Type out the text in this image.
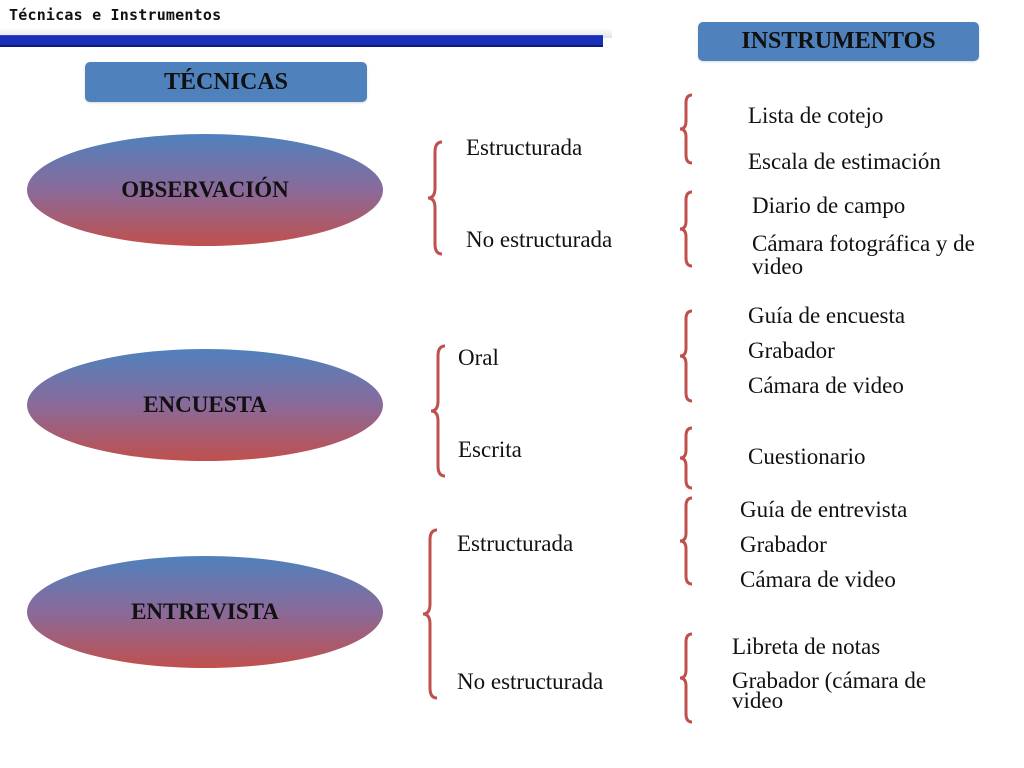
Técnicas e Instrumentos
TÉCNICAS
INSTRUMENTOS
OBSERVACIÓN
ENCUESTA
ENTREVISTA
Estructurada
No estructurada
Oral
Escrita
Estructurada
No estructurada
Lista de cotejo
Escala de estimación
Diario de campo
Cámara fotográfica y de video
Guía de encuesta
Grabador
Cámara de video
Cuestionario
Guía de entrevista
Grabador
Cámara de video
Libreta de notas
Grabador (cámara de video
